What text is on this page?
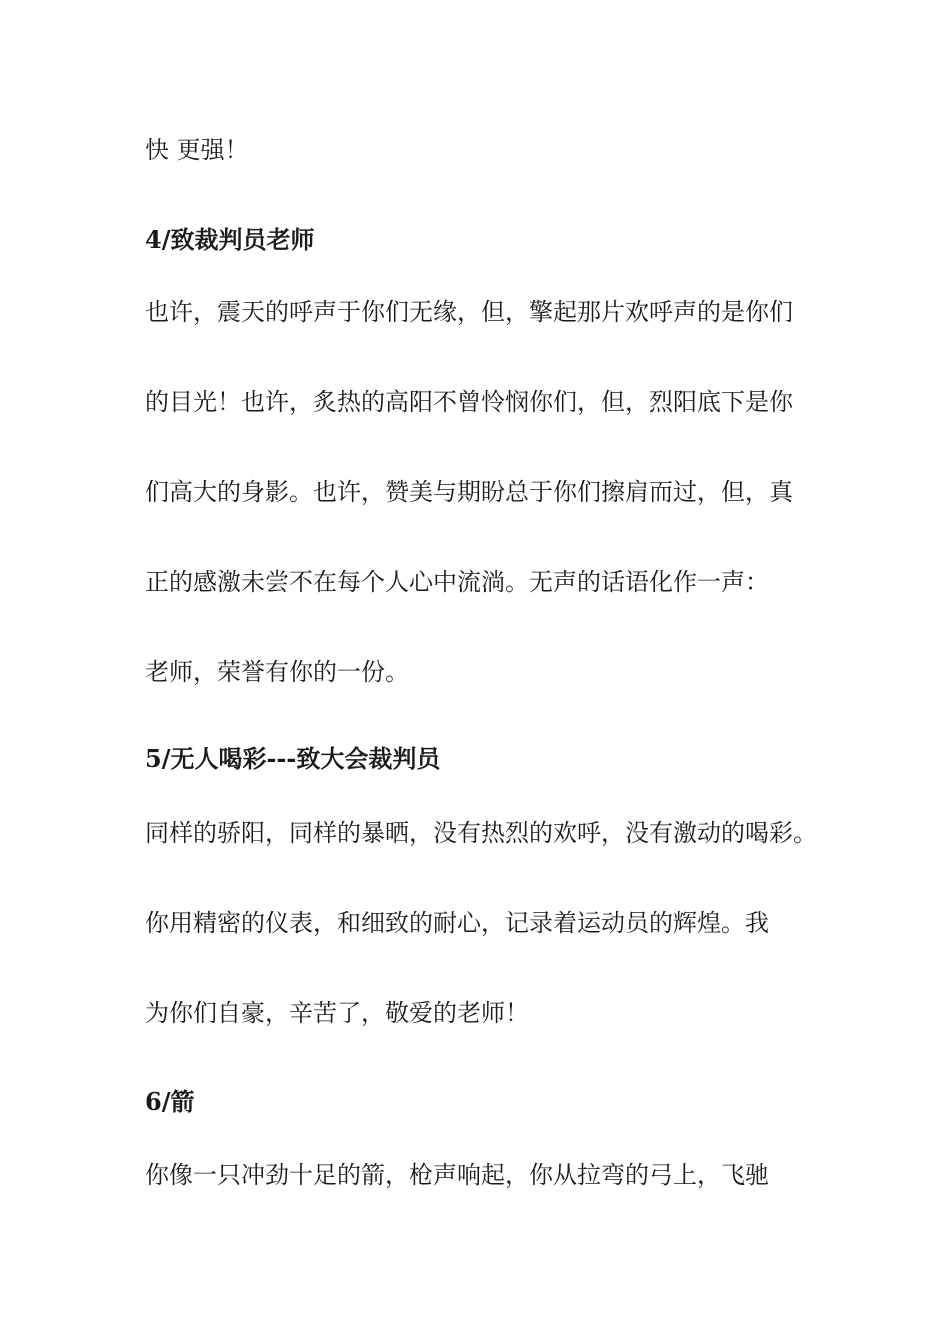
快 更强！
4/致裁判员老师
也许，震天的呼声于你们无缘，但，擎起那片欢呼声的是你们
的目光！也许，炙热的高阳不曾怜悯你们，但，烈阳底下是你
们高大的身影。也许，赞美与期盼总于你们擦肩而过，但，真
正的感激未尝不在每个人心中流淌。无声的话语化作一声：
老师，荣誉有你的一份。
5/无人喝彩---致大会裁判员
同样的骄阳，同样的暴晒，没有热烈的欢呼，没有激动的喝彩。
你用精密的仪表，和细致的耐心，记录着运动员的辉煌。我
为你们自豪，辛苦了，敬爱的老师！
6/箭
你像一只冲劲十足的箭，枪声响起，你从拉弯的弓上，飞驰
